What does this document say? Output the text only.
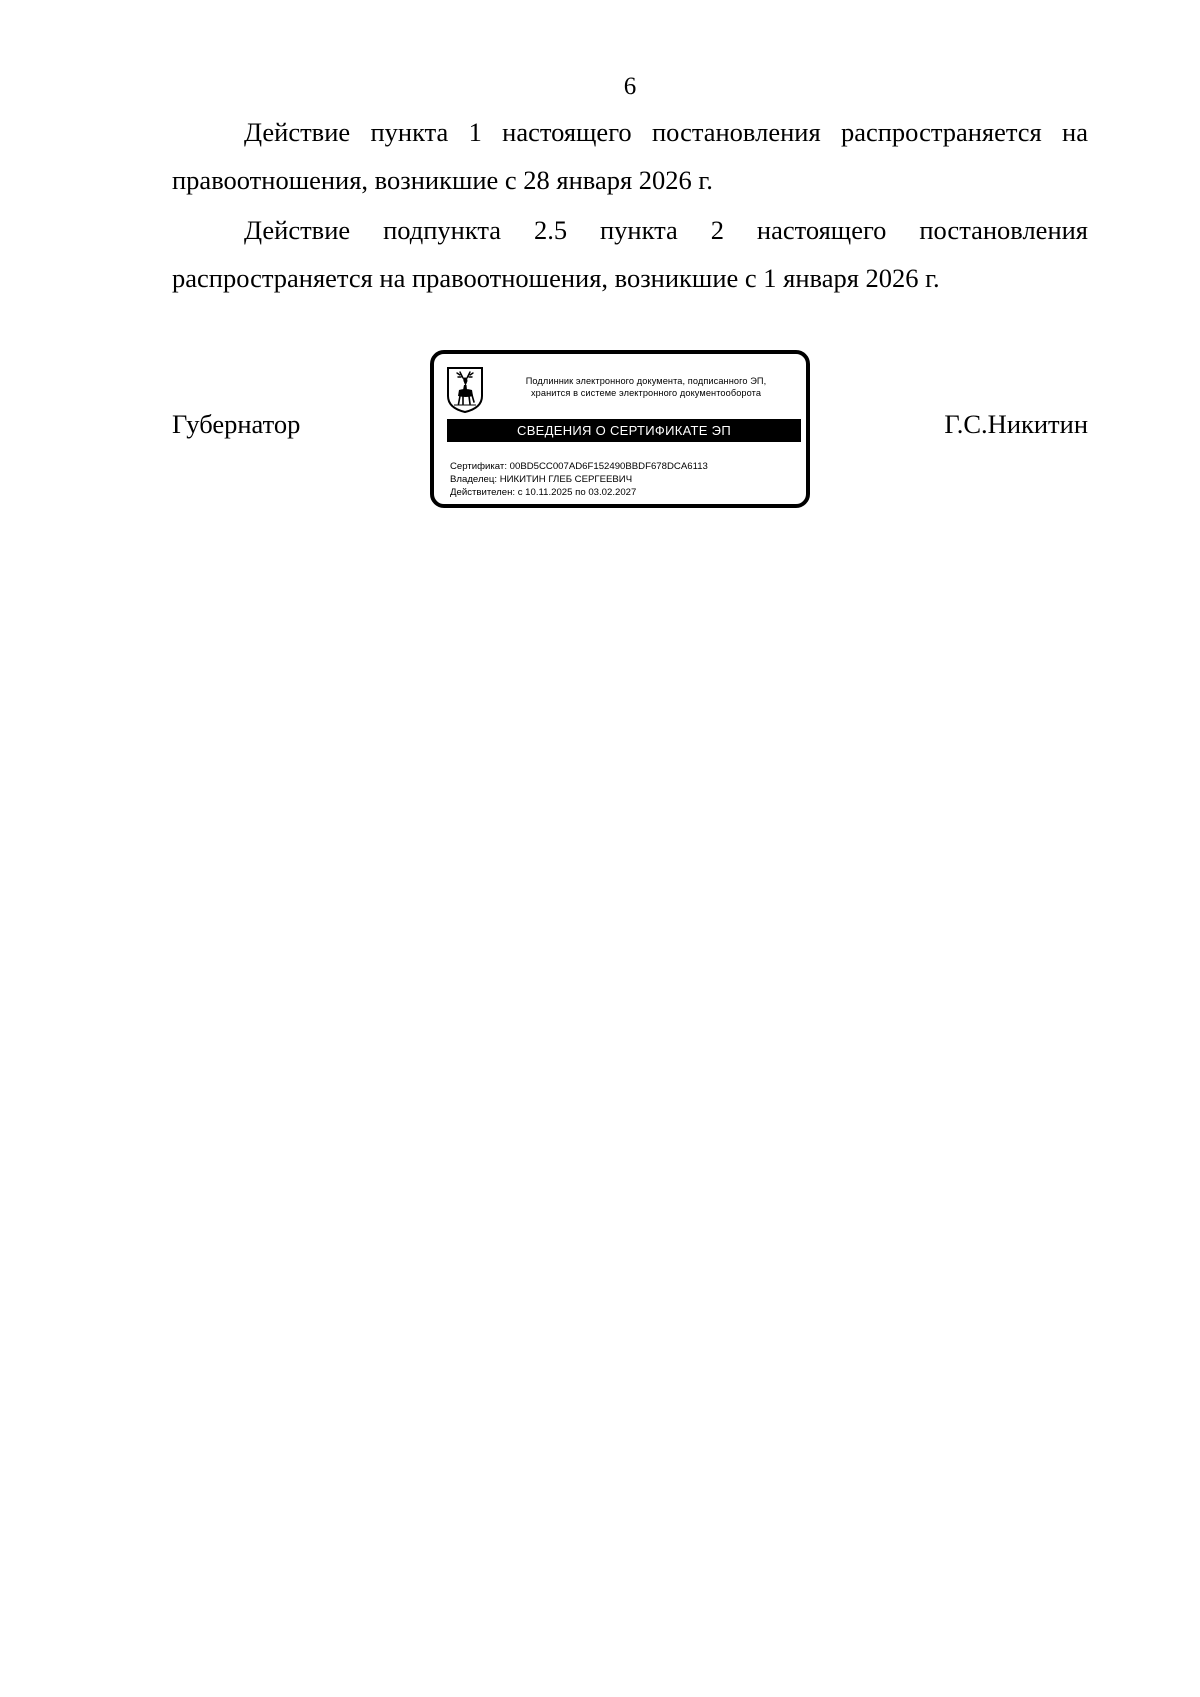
6

Действие пункта 1 настоящего постановления распространяется на правоотношения, возникшие с 28 января 2026 г.

Действие подпункта 2.5 пункта 2 настоящего постановления распространяется на правоотношения, возникшие с 1 января 2026 г.

Губернатор
Подлинник электронного документа, подписанного ЭП,
хранится в системе электронного документооборота
СВЕДЕНИЯ О СЕРТИФИКАТЕ ЭП
Сертификат: 00BD5CC007AD6F152490BBDF678DCA6113
Владелец: НИКИТИН ГЛЕБ СЕРГЕЕВИЧ
Действителен: с 10.11.2025 по 03.02.2027
Г.С.Никитин
